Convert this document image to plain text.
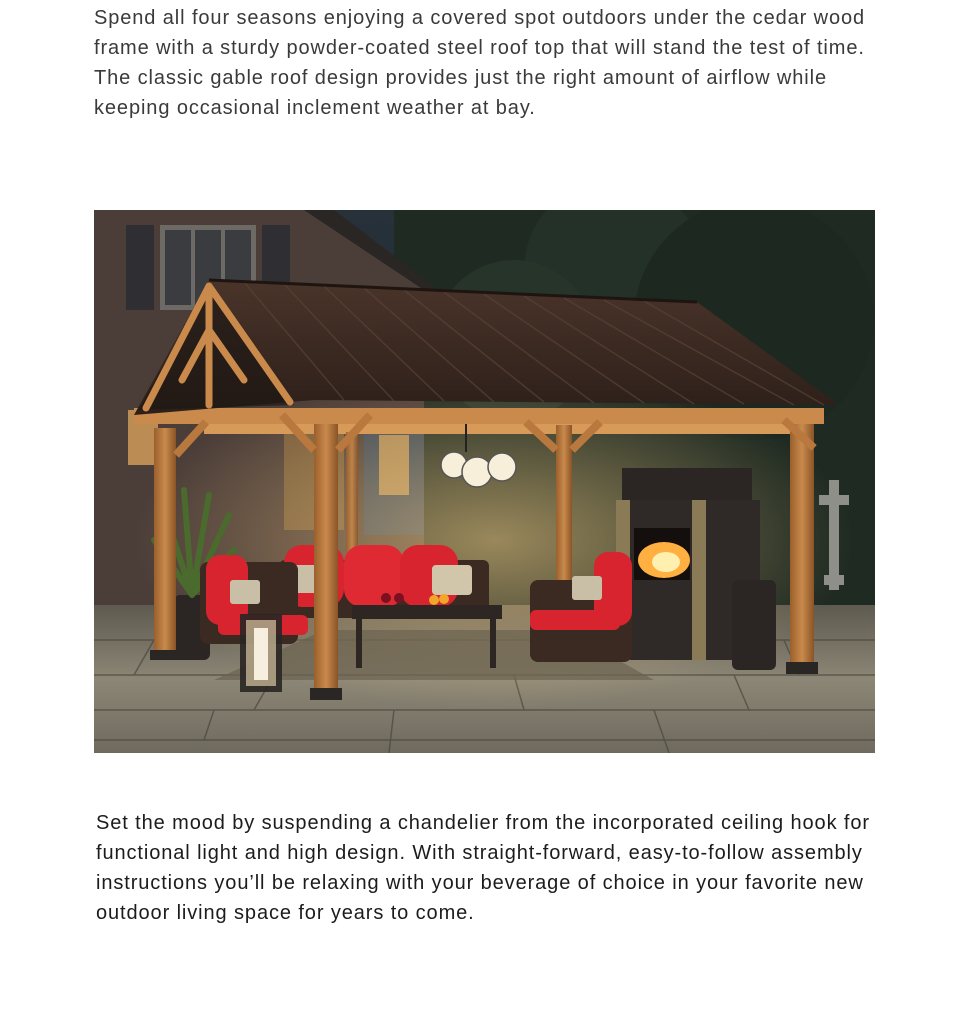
Spend all four seasons enjoying a covered spot outdoors under the cedar wood frame with a sturdy powder-coated steel roof top that will stand the test of time. The classic gable roof design provides just the right amount of airflow while keeping occasional inclement weather at bay.

Set the mood by suspending a chandelier from the incorporated ceiling hook for functional light and high design. With straight-forward, easy-to-follow assembly instructions you’ll be relaxing with your beverage of choice in your favorite new outdoor living space for years to come.
